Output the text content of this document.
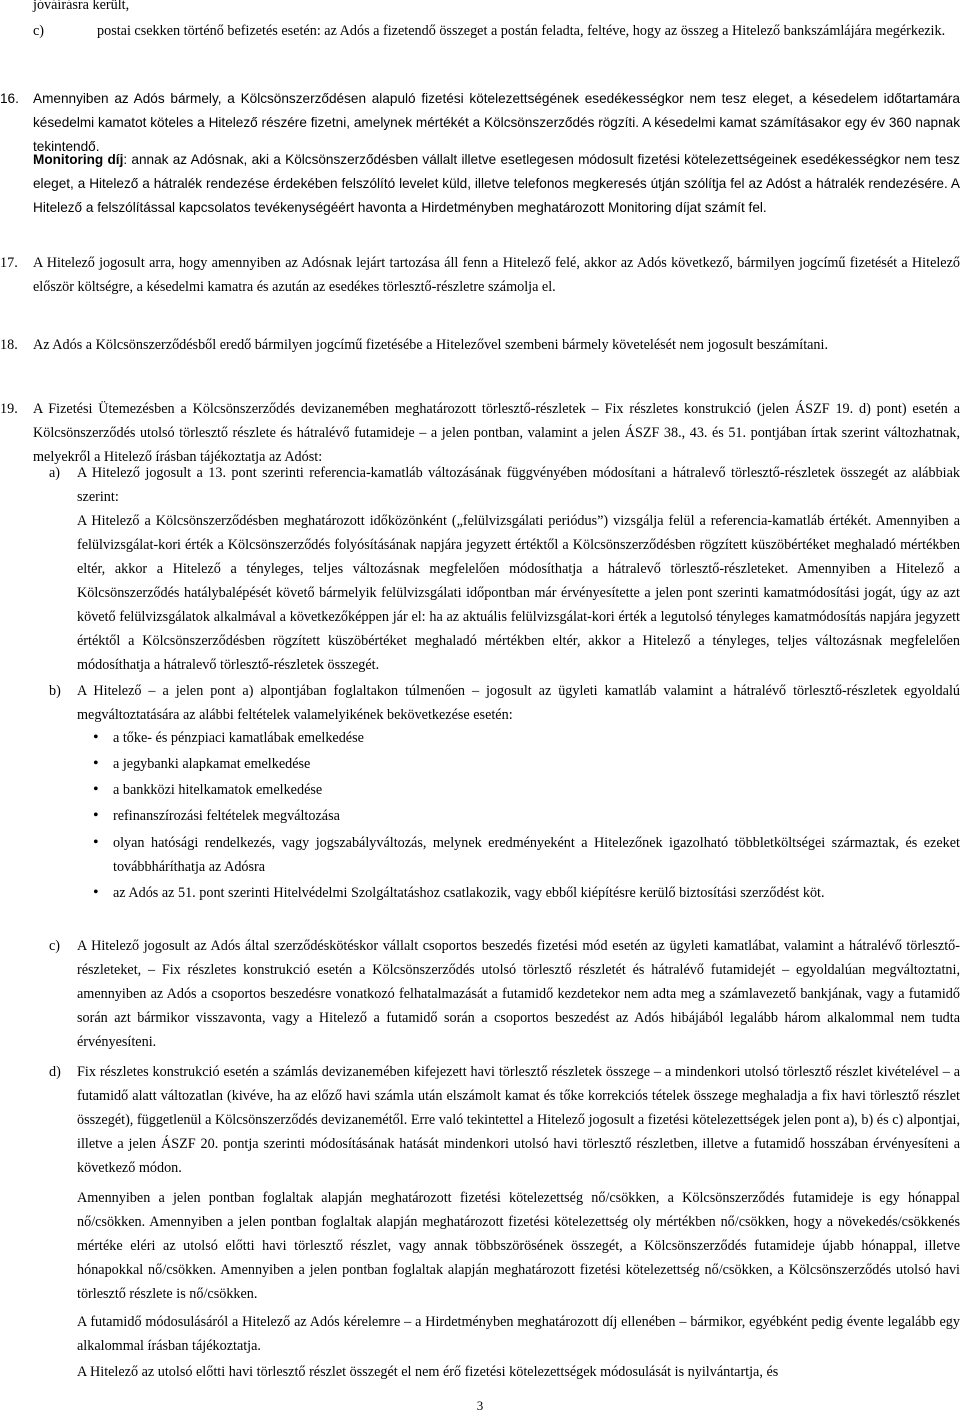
jóváírásra került,
c)	postai csekken történő befizetés esetén: az Adós a fizetendő összeget a postán feladta, feltéve, hogy az összeg a Hitelező bankszámlájára megérkezik.
16.	Amennyiben az Adós bármely, a Kölcsönszerződésen alapuló fizetési kötelezettségének esedékességkor nem tesz eleget, a késedelem időtartamára késedelmi kamatot köteles a Hitelező részére fizetni, amelynek mértékét a Kölcsönszerződés rögzíti. A késedelmi kamat számításakor egy év 360 napnak tekintendő.
Monitoring díj: annak az Adósnak, aki a Kölcsönszerződésben vállalt illetve esetlegesen módosult fizetési kötelezettségeinek esedékességkor nem tesz eleget, a Hitelező a hátralék rendezése érdekében felszólító levelet küld, illetve telefonos megkeresés útján szólítja fel az Adóst a hátralék rendezésére. A Hitelező a felszólítással kapcsolatos tevékenységéért havonta a Hirdetményben meghatározott Monitoring díjat számít fel.
17.	A Hitelező jogosult arra, hogy amennyiben az Adósnak lejárt tartozása áll fenn a Hitelező felé, akkor az Adós következő, bármilyen jogcímű fizetését a Hitelező először költségre, a késedelmi kamatra és azután az esedékes törlesztő-részletre számolja el.
18.	Az Adós a Kölcsönszerződésből eredő bármilyen jogcímű fizetésébe a Hitelezővel szembeni bármely követelését nem jogosult beszámítani.
19.	A Fizetési Ütemezésben a Kölcsönszerződés devizanemében meghatározott törlesztő-részletek – Fix részletes konstrukció (jelen ÁSZF 19. d) pont) esetén a Kölcsönszerződés utolsó törlesztő részlete és hátralévő futamideje – a jelen pontban, valamint a jelen ÁSZF 38., 43. és 51. pontjában írtak szerint változhatnak, melyekről a Hitelező írásban tájékoztatja az Adóst:
a)	A Hitelező jogosult a 13. pont szerinti referencia-kamatláb változásának függvényében módosítani a hátralevő törlesztő-részletek összegét az alábbiak szerint:
A Hitelező a Kölcsönszerződésben meghatározott időközönként („felülvizsgálati periódus”) vizsgálja felül a referencia-kamatláb értékét. Amennyiben a felülvizsgálat-kori érték a Kölcsönszerződés folyósításának napjára jegyzett értéktől a Kölcsönszerződésben rögzített küszöbértéket meghaladó mértékben eltér, akkor a Hitelező a tényleges, teljes változásnak megfelelően módosíthatja a hátralevő törlesztő-részleteket. Amennyiben a Hitelező a Kölcsönszerződés hatálybalépését követő bármelyik felülvizsgálati időpontban már érvényesítette a jelen pont szerinti kamatmódosítási jogát, úgy az azt követő felülvizsgálatok alkalmával a következőképpen jár el: ha az aktuális felülvizsgálat-kori érték a legutolsó tényleges kamatmódosítás napjára jegyzett értéktől a Kölcsönszerződésben rögzített küszöbértéket meghaladó mértékben eltér, akkor a Hitelező a tényleges, teljes változásnak megfelelően módosíthatja a hátralevő törlesztő-részletek összegét.
b)	A Hitelező – a jelen pont a) alpontjában foglaltakon túlmenően – jogosult az ügyleti kamatláb valamint a hátralévő törlesztő-részletek egyoldalú megváltoztatására az alábbi feltételek valamelyikének bekövetkezése esetén:
•	a tőke- és pénzpiaci kamatlábak emelkedése
•	a jegybanki alapkamat emelkedése
•	a bankközi hitelkamatok emelkedése
•	refinanszírozási feltételek megváltozása
•	olyan hatósági rendelkezés, vagy jogszabályváltozás, melynek eredményeként a Hitelezőnek igazolható többletköltségei származtak, és ezeket továbbháríthatja az Adósra
•	az Adós az 51. pont szerinti Hitelvédelmi Szolgáltatáshoz csatlakozik, vagy ebből kiépítésre kerülő biztosítási szerződést köt.
c)	A Hitelező jogosult az Adós által szerződéskötéskor vállalt csoportos beszedés fizetési mód esetén az ügyleti kamatlábat, valamint a hátralévő törlesztő-részleteket, – Fix részletes konstrukció esetén a Kölcsönszerződés utolsó törlesztő részletét és hátralévő futamidejét – egyoldalúan megváltoztatni, amennyiben az Adós a csoportos beszedésre vonatkozó felhatalmazását a futamidő kezdetekor nem adta meg a számlavezető bankjának, vagy a futamidő során azt bármikor visszavonta, vagy a Hitelező a futamidő során a csoportos beszedést az Adós hibájából legalább három alkalommal nem tudta érvényesíteni.
d)	Fix részletes konstrukció esetén a számlás devizanemében kifejezett havi törlesztő részletek összege – a mindenkori utolsó törlesztő részlet kivételével – a futamidő alatt változatlan (kivéve, ha az előző havi számla után elszámolt kamat és tőke korrekciós tételek összege meghaladja a fix havi törlesztő részlet összegét), függetlenül a Kölcsönszerződés devizanemétől. Erre való tekintettel a Hitelező jogosult a fizetési kötelezettségek jelen pont a), b) és c) alpontjai, illetve a jelen ÁSZF 20. pontja szerinti módosításának hatását mindenkori utolsó havi törlesztő részletben, illetve a futamidő hosszában érvényesíteni a következő módon.
Amennyiben a jelen pontban foglaltak alapján meghatározott fizetési kötelezettség nő/csökken, a Kölcsönszerződés futamideje is egy hónappal nő/csökken. Amennyiben a jelen pontban foglaltak alapján meghatározott fizetési kötelezettség oly mértékben nő/csökken, hogy a növekedés/csökkenés mértéke eléri az utolsó előtti havi törlesztő részlet, vagy annak többszörösének összegét, a Kölcsönszerződés futamideje újabb hónappal, illetve hónapokkal nő/csökken. Amennyiben a jelen pontban foglaltak alapján meghatározott fizetési kötelezettség nő/csökken, a Kölcsönszerződés utolsó havi törlesztő részlete is nő/csökken.
A futamidő módosulásáról a Hitelező az Adós kérelemre – a Hirdetményben meghatározott díj ellenében – bármikor, egyébként pedig évente legalább egy alkalommal írásban tájékoztatja.
A Hitelező az utolsó előtti havi törlesztő részlet összegét el nem érő fizetési kötelezettségek módosulását is nyilvántartja, és
3
